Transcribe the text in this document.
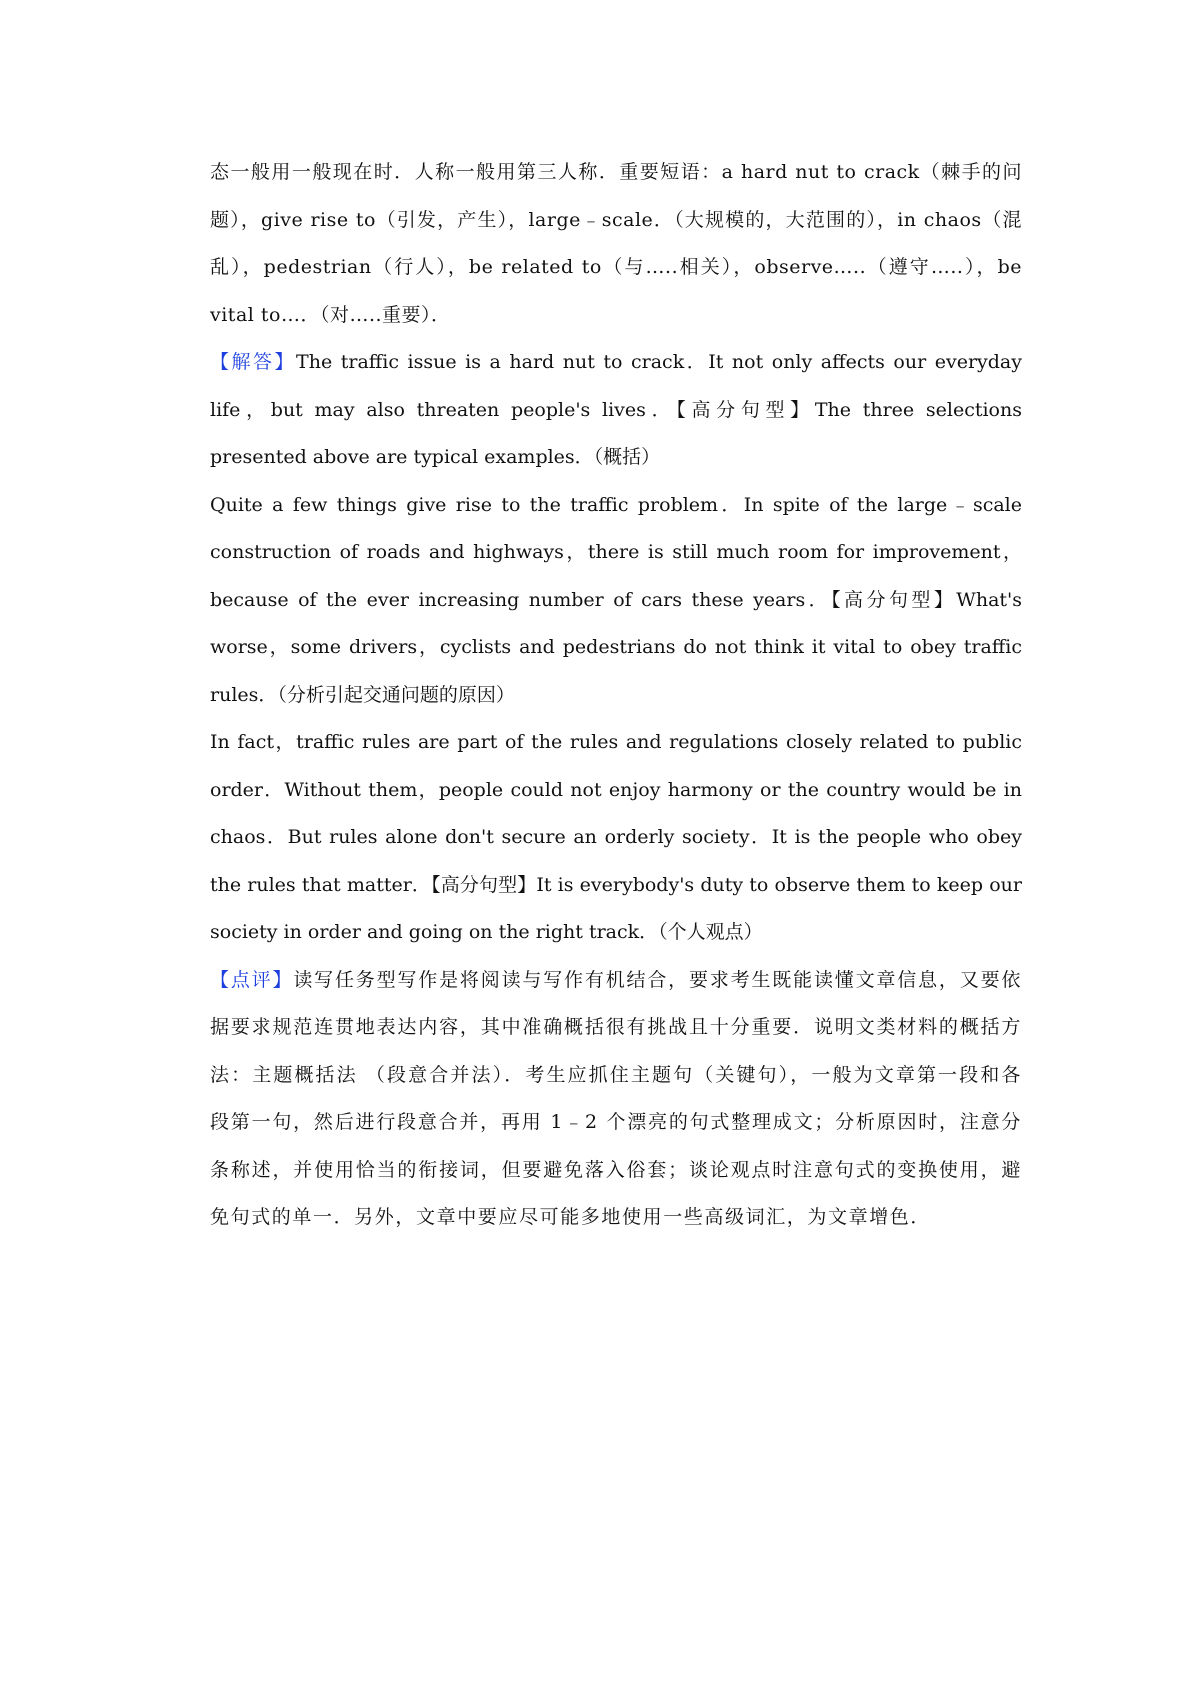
态一般用一般现在时．人称一般用第三人称．重要短语：a hard nut to crack（棘手的问题），give rise to（引发，产生），large﹣scale．（大规模的，大范围的），in chaos（混乱），pedestrian（行人），be related to（与…..相关），observe…..（遵守…..），be vital to…．（对…..重要）．

【解答】The traffic issue is a hard nut to crack．It not only affects our everyday life，but may also threaten people's lives．【高分句型】The three selections presented above are typical examples．（概括）

Quite a few things give rise to the traffic problem．In spite of the large﹣scale construction of roads and highways，there is still much room for improvement，because of the ever increasing number of cars these years．【高分句型】What's worse，some drivers，cyclists and pedestrians do not think it vital to obey traffic rules．（分析引起交通问题的原因）

In fact，traffic rules are part of the rules and regulations closely related to public order．Without them，people could not enjoy harmony or the country would be in chaos．But rules alone don't secure an orderly society．It is the people who obey the rules that matter．【高分句型】It is everybody's duty to observe them to keep our society in order and going on the right track．（个人观点）

【点评】读写任务型写作是将阅读与写作有机结合，要求考生既能读懂文章信息，又要依据要求规范连贯地表达内容，其中准确概括很有挑战且十分重要．说明文类材料的概括方法：主题概括法 （段意合并法）．考生应抓住主题句（关键句），一般为文章第一段和各段第一句，然后进行段意合并，再用 1﹣2 个漂亮的句式整理成文；分析原因时，注意分条称述，并使用恰当的衔接词，但要避免落入俗套；谈论观点时注意句式的变换使用，避免句式的单一．另外，文章中要应尽可能多地使用一些高级词汇，为文章增色．
